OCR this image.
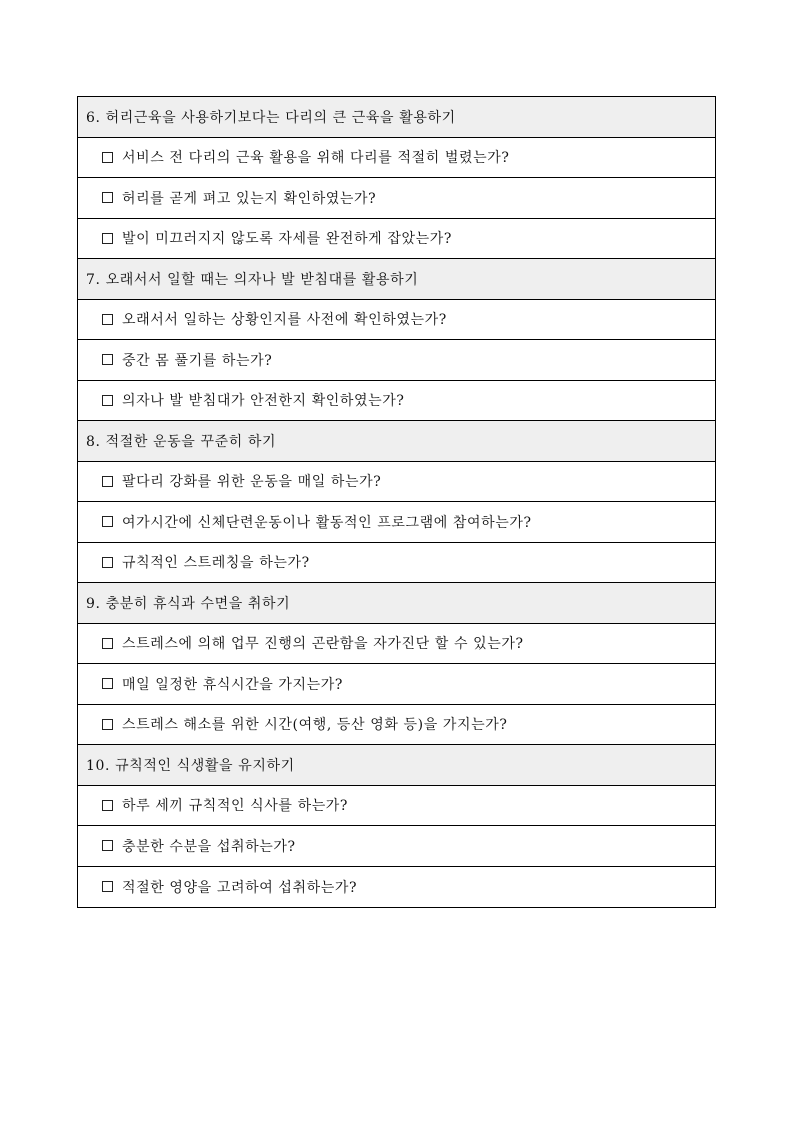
6. 허리근육을 사용하기보다는 다리의 큰 근육을 활용하기
서비스 전 다리의 근육 활용을 위해 다리를 적절히 벌렸는가?
허리를 곧게 펴고 있는지 확인하였는가?
발이 미끄러지지 않도록 자세를 완전하게 잡았는가?
7. 오래서서 일할 때는 의자나 발 받침대를 활용하기
오래서서 일하는 상황인지를 사전에 확인하였는가?
중간 몸 풀기를 하는가?
의자나 발 받침대가 안전한지 확인하였는가?
8. 적절한 운동을 꾸준히 하기
팔다리 강화를 위한 운동을 매일 하는가?
여가시간에 신체단련운동이나 활동적인 프로그램에 참여하는가?
규칙적인 스트레칭을 하는가?
9. 충분히 휴식과 수면을 취하기
스트레스에 의해 업무 진행의 곤란함을 자가진단 할 수 있는가?
매일 일정한 휴식시간을 가지는가?
스트레스 해소를 위한 시간(여행, 등산 영화 등)을 가지는가?
10. 규칙적인 식생활을 유지하기
하루 세끼 규칙적인 식사를 하는가?
충분한 수분을 섭취하는가?
적절한 영양을 고려하여 섭취하는가?
